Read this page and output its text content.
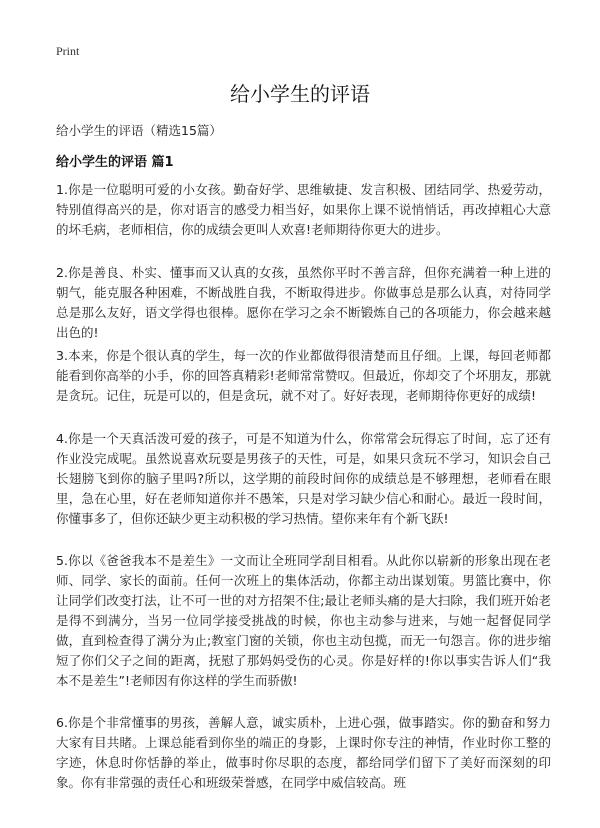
Print
给小学生的评语
给小学生的评语（精选15篇）
给小学生的评语 篇1

1.你是一位聪明可爱的小女孩。勤奋好学、思维敏捷、发言积极、团结同学、热爱劳动，特别值得高兴的是，你对语言的感受力相当好，如果你上课不说悄悄话，再改掉粗心大意的坏毛病，老师相信，你的成绩会更叫人欢喜!老师期待你更大的进步。

2.你是善良、朴实、懂事而又认真的女孩，虽然你平时不善言辞，但你充满着一种上进的朝气，能克服各种困难，不断战胜自我，不断取得进步。你做事总是那么认真，对待同学总是那么友好，语文学得也很棒。愿你在学习之余不断锻炼自己的各项能力，你会越来越出色的!

3.本来，你是个很认真的学生，每一次的作业都做得很清楚而且仔细。上课，每回老师都能看到你高举的小手，你的回答真精彩!老师常常赞叹。但最近，你却交了个坏朋友，那就是贪玩。记住，玩是可以的，但是贪玩，就不对了。好好表现，老师期待你更好的成绩!

4.你是一个天真活泼可爱的孩子，可是不知道为什么，你常常会玩得忘了时间，忘了还有作业没完成呢。虽然说喜欢玩耍是男孩子的天性，可是，如果只贪玩不学习，知识会自己长翅膀飞到你的脑子里吗?所以，这学期的前段时间你的成绩总是不够理想，老师看在眼里，急在心里，好在老师知道你并不愚笨，只是对学习缺少信心和耐心。最近一段时间，你懂事多了，但你还缺少更主动积极的学习热情。望你来年有个新飞跃!

5.你以《爸爸我本不是差生》一文而让全班同学刮目相看。从此你以崭新的形象出现在老师、同学、家长的面前。任何一次班上的集体活动，你都主动出谋划策。男篮比赛中，你让同学们改变打法，让不可一世的对方招架不住;最让老师头痛的是大扫除，我们班开始老是得不到满分，当另一位同学接受挑战的时候，你也主动参与进来，与她一起督促同学做，直到检查得了满分为止;教室门窗的关锁，你也主动包揽，而无一句怨言。你的进步缩短了你们父子之间的距离，抚慰了那妈妈受伤的心灵。你是好样的!你以事实告诉人们“我本不是差生”!老师因有你这样的学生而骄傲!

6.你是个非常懂事的男孩，善解人意，诚实质朴，上进心强，做事踏实。你的勤奋和努力大家有目共睹。上课总能看到你坐的端正的身影，上课时你专注的神情，作业时你工整的字迹，休息时你恬静的举止，做事时你尽职的态度，都给同学们留下了美好而深刻的印象。你有非常强的责任心和班级荣誉感，在同学中威信较高。班
